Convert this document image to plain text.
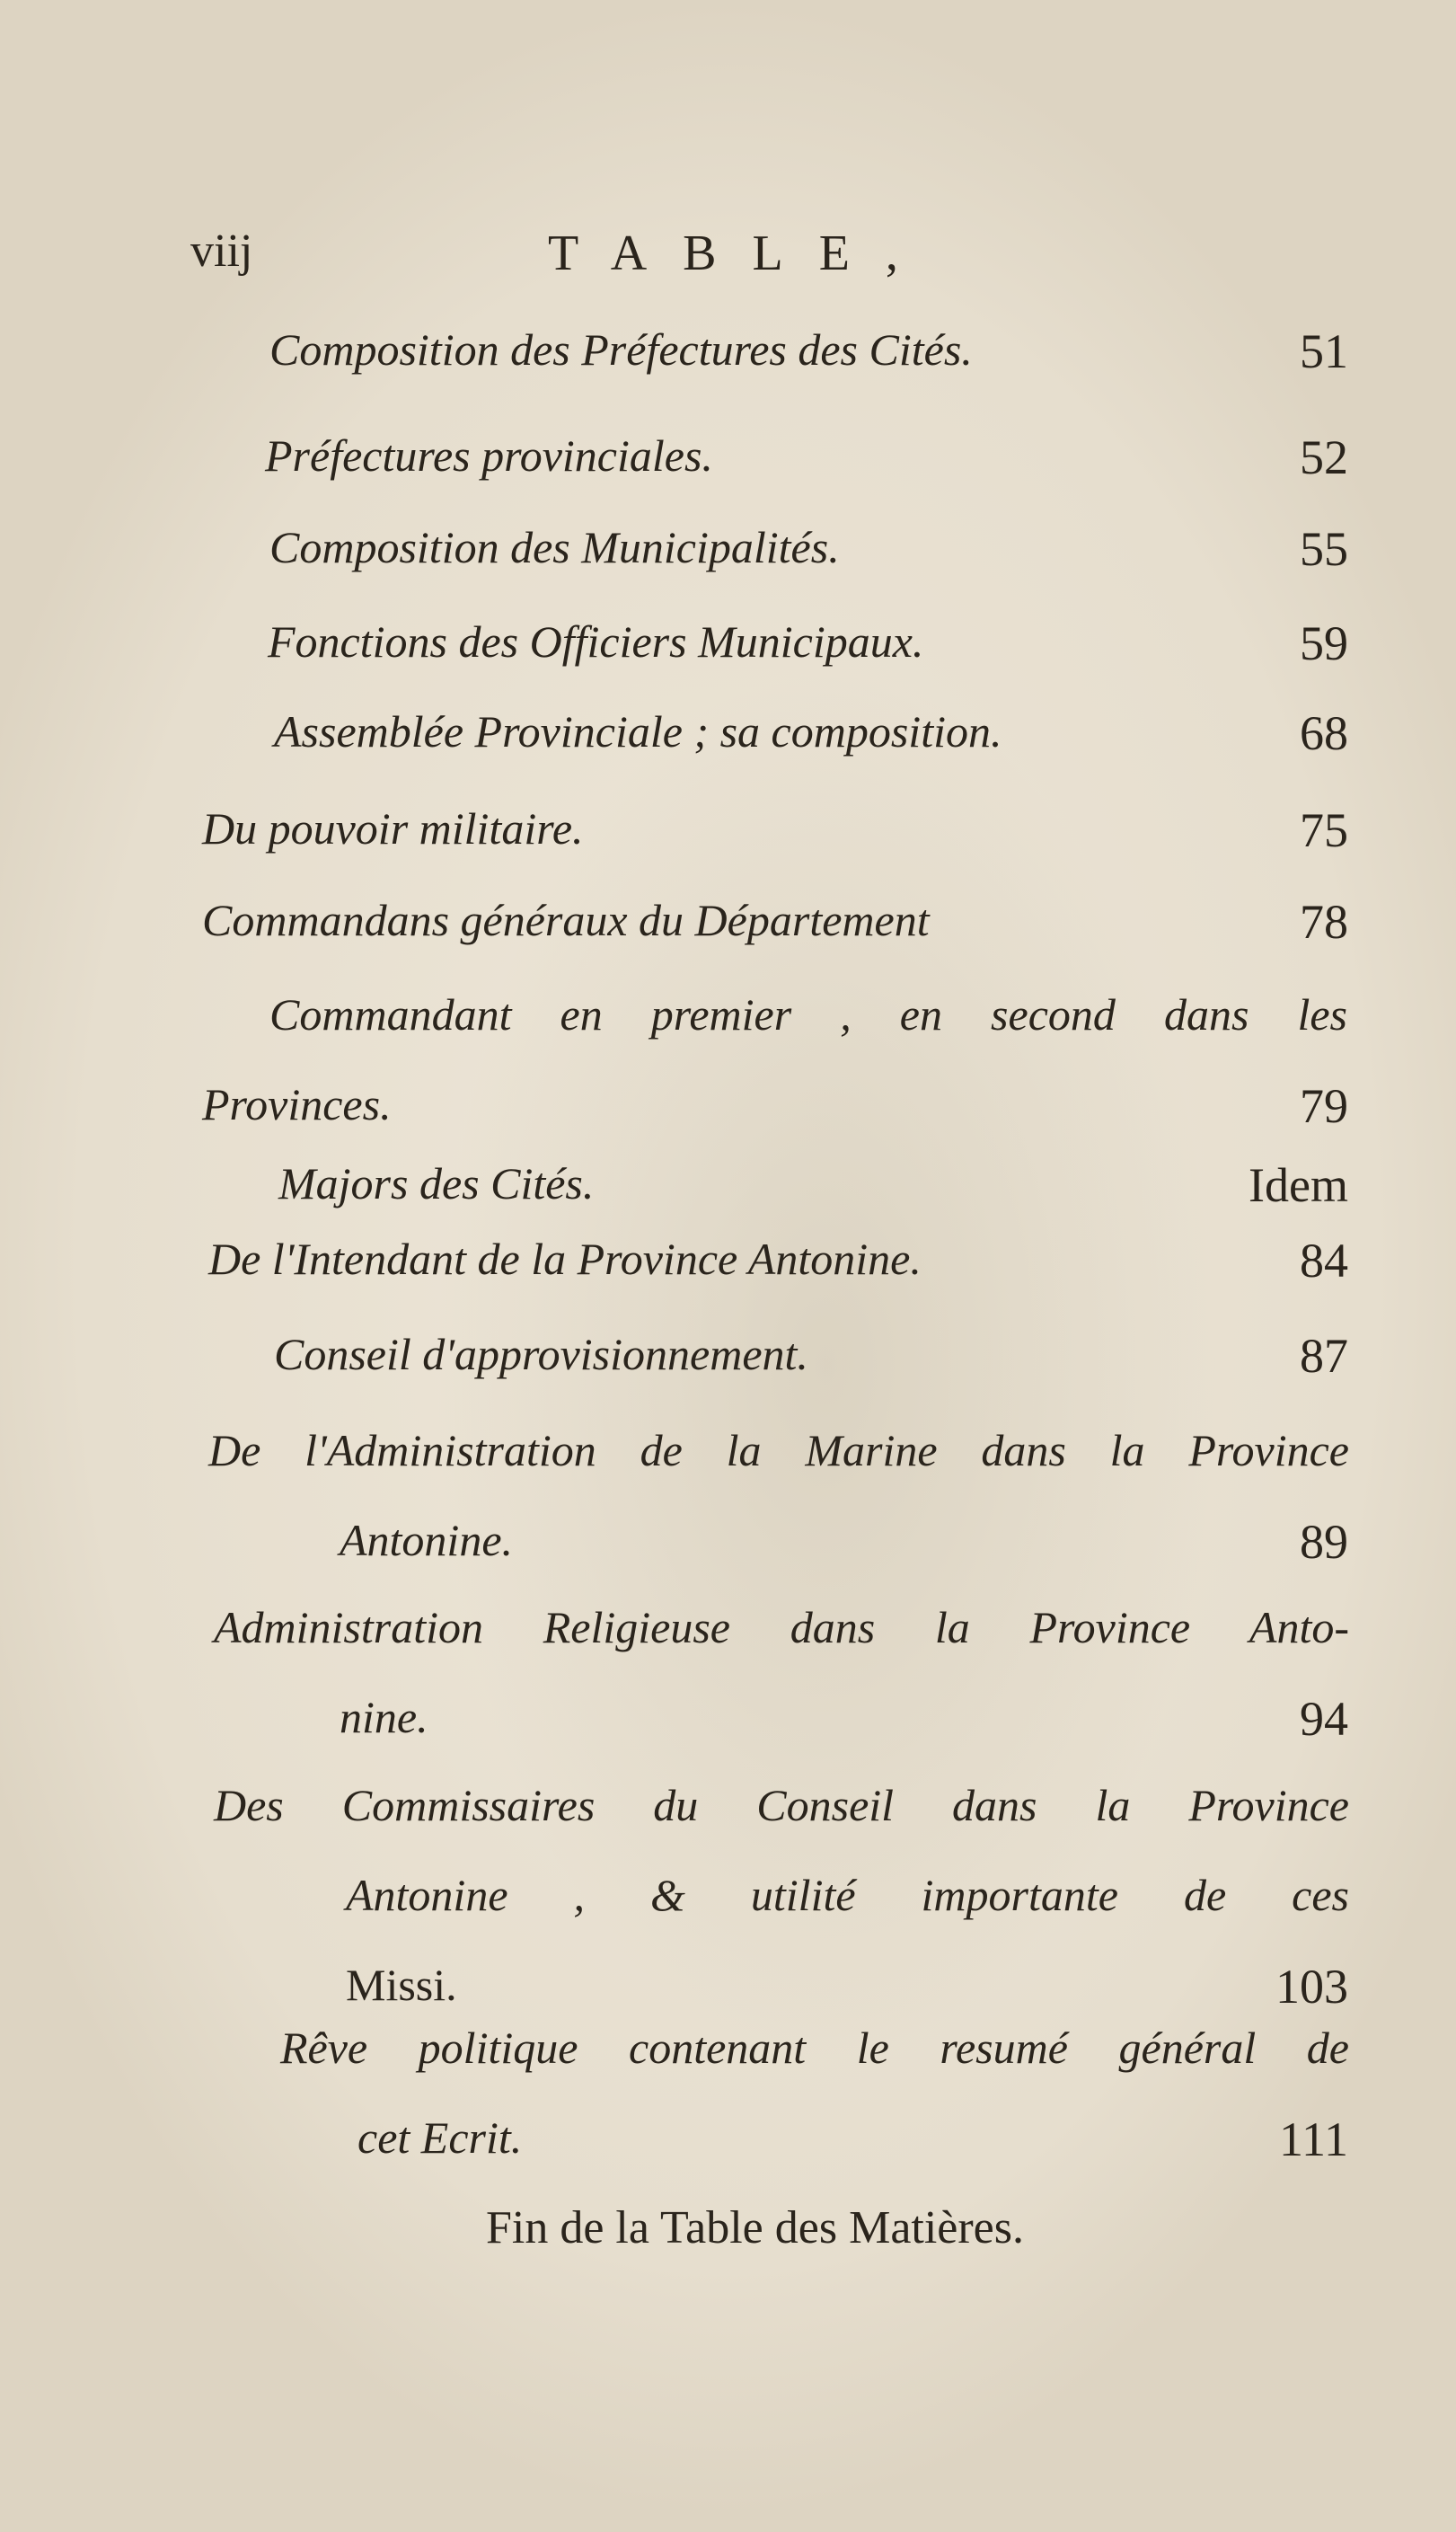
viij	TABLE,
Composition des Préfectures des Cités.	51
Préfectures provinciales.	52
Composition des Municipalités.	55
Fonctions des Officiers Municipaux.	59
Assemblée Provinciale ; sa composition.	68
Du pouvoir militaire.	75
Commandans généraux du Département	78
Commandant en premier , en second dans les
Provinces.	79
Majors des Cités.	Idem
De l'Intendant de la Province Antonine.	84
Conseil d'approvisionnement.	87
De l'Administration de la Marine dans la Province
Antonine.	89
Administration Religieuse dans la Province Anto-
nine.	94
Des Commissaires du Conseil dans la Province
Antonine , & utilité importante de ces
Missi.	103
Rêve politique contenant le resumé général de
cet Ecrit.	111
Fin de la Table des Matières.
